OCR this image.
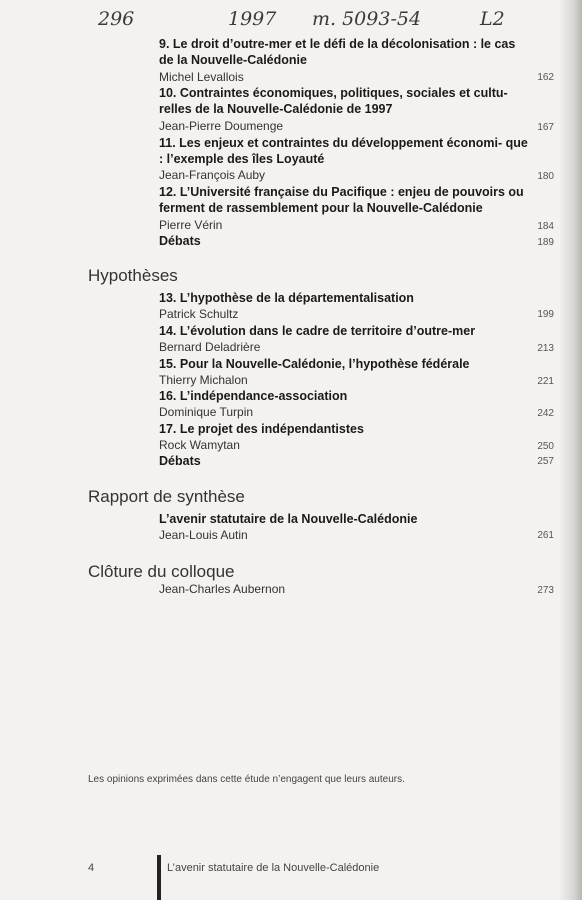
296	1997 m. 5093-54	L2
9. Le droit d’outre-mer et le défi de la décolonisation : le cas de la Nouvelle-Calédonie
Michel Levallois	162
10. Contraintes économiques, politiques, sociales et cultu- relles de la Nouvelle-Calédonie de 1997
Jean-Pierre Doumenge	167
11. Les enjeux et contraintes du développement économi- que : l’exemple des îles Loyauté
Jean-François Auby	180
12. L’Université française du Pacifique : enjeu de pouvoirs ou ferment de rassemblement pour la Nouvelle-Calédonie
Pierre Vérin	184
Débats	189
Hypothèses
13. L’hypothèse de la départementalisation
Patrick Schultz	199
14. L’évolution dans le cadre de territoire d’outre-mer
Bernard Deladrière	213
15. Pour la Nouvelle-Calédonie, l’hypothèse fédérale
Thierry Michalon	221
16. L’indépendance-association
Dominique Turpin	242
17. Le projet des indépendantistes
Rock Wamytan	250
Débats	257
Rapport de synthèse
L’avenir statutaire de la Nouvelle-Calédonie
Jean-Louis Autin	261
Clôture du colloque
Jean-Charles Aubernon	273
Les opinions exprimées dans cette étude n’engagent que leurs auteurs.
4	L’avenir statutaire de la Nouvelle-Calédonie
